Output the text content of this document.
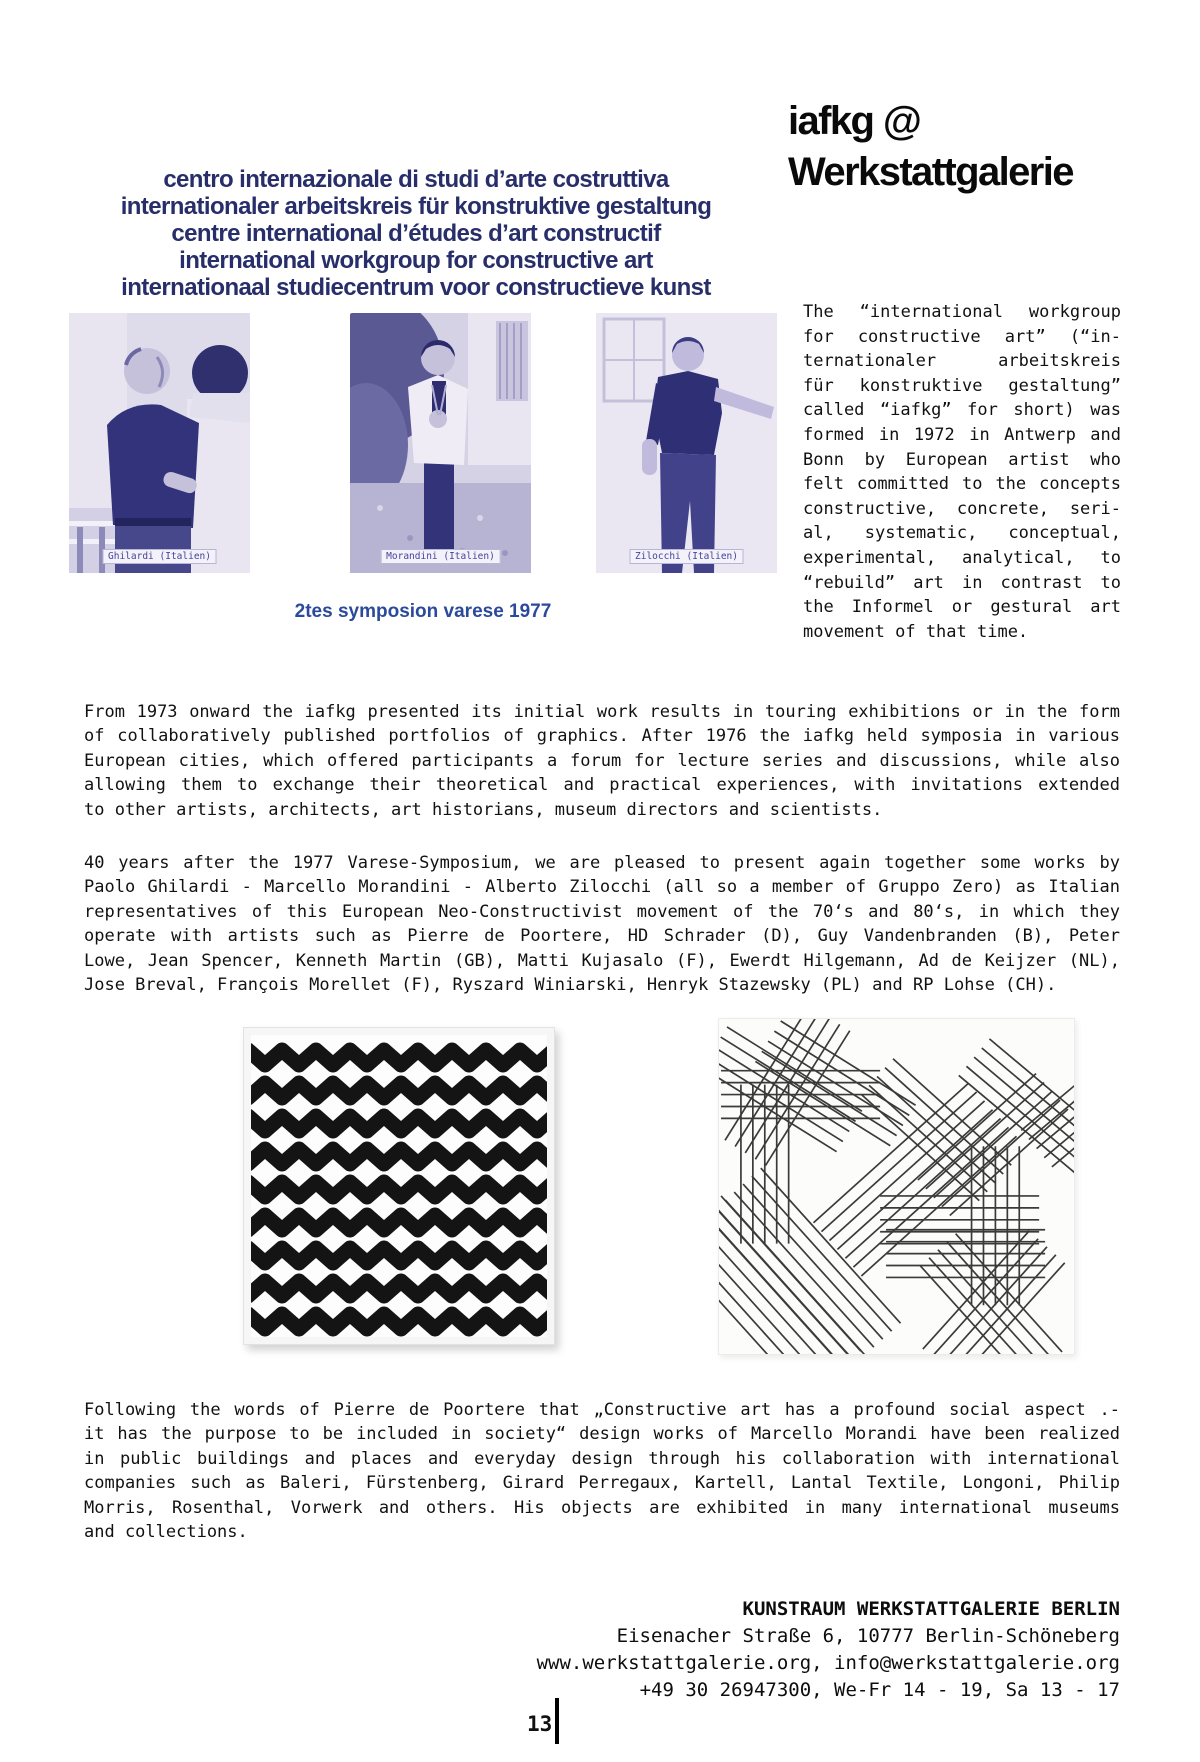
iafkg @
Werkstattgalerie
centro internazionale di studi d’arte costruttiva
internationaler arbeitskreis für konstruktive gestaltung
centre international d’études d’art constructif
international workgroup for constructive art
internationaal studiecentrum voor constructieve kunst
Ghilardi (Italien)	Morandini (Italien)	Zilocchi (Italien)
2tes symposion varese 1977
The “international workgroup
for constructive art” (“in-
ternationaler arbeitskreis
für konstruktive gestaltung”
called “iafkg” for short) was
formed in 1972 in Antwerp and
Bonn by European artist who
felt committed to the concepts
constructive, concrete, seri-
al, systematic, conceptual,
experimental, analytical, to
“rebuild” art in contrast to
the Informel or gestural art
movement of that time.
From 1973 onward the iafkg presented its initial work results in touring exhibitions or in the form
of collaboratively published portfolios of graphics. After 1976 the iafkg held symposia in various
European cities, which offered participants a forum for lecture series and discussions, while also
allowing them to exchange their theoretical and practical experiences, with invitations extended
to other artists, architects, art historians, museum directors and scientists.
40 years after the 1977 Varese-Symposium, we are pleased to present again together some works by
Paolo Ghilardi - Marcello Morandini - Alberto Zilocchi (all so a member of Gruppo Zero) as Italian
representatives of this European Neo-Constructivist movement of the 70‘s and 80‘s, in which they
operate with artists such as Pierre de Poortere, HD Schrader (D), Guy Vandenbranden (B), Peter
Lowe, Jean Spencer, Kenneth Martin (GB), Matti Kujasalo (F), Ewerdt Hilgemann, Ad de Keijzer (NL),
Jose Breval, François Morellet (F), Ryszard Winiarski, Henryk Stazewsky (PL) and RP Lohse (CH).
Following the words of Pierre de Poortere that „Constructive art has a profound social aspect .-
it has the purpose to be included in society“ design works of Marcello Morandi have been realized
in public buildings and places and everyday design through his collaboration with international
companies such as Baleri, Fürstenberg, Girard Perregaux, Kartell, Lantal Textile, Longoni, Philip
Morris, Rosenthal, Vorwerk and others. His objects are exhibited in many international museums
and collections.
KUNSTRAUM WERKSTATTGALERIE BERLIN
Eisenacher Straße 6, 10777 Berlin-Schöneberg
www.werkstattgalerie.org, info@werkstattgalerie.org
+49 30 26947300, We-Fr 14 - 19, Sa 13 - 17
13
